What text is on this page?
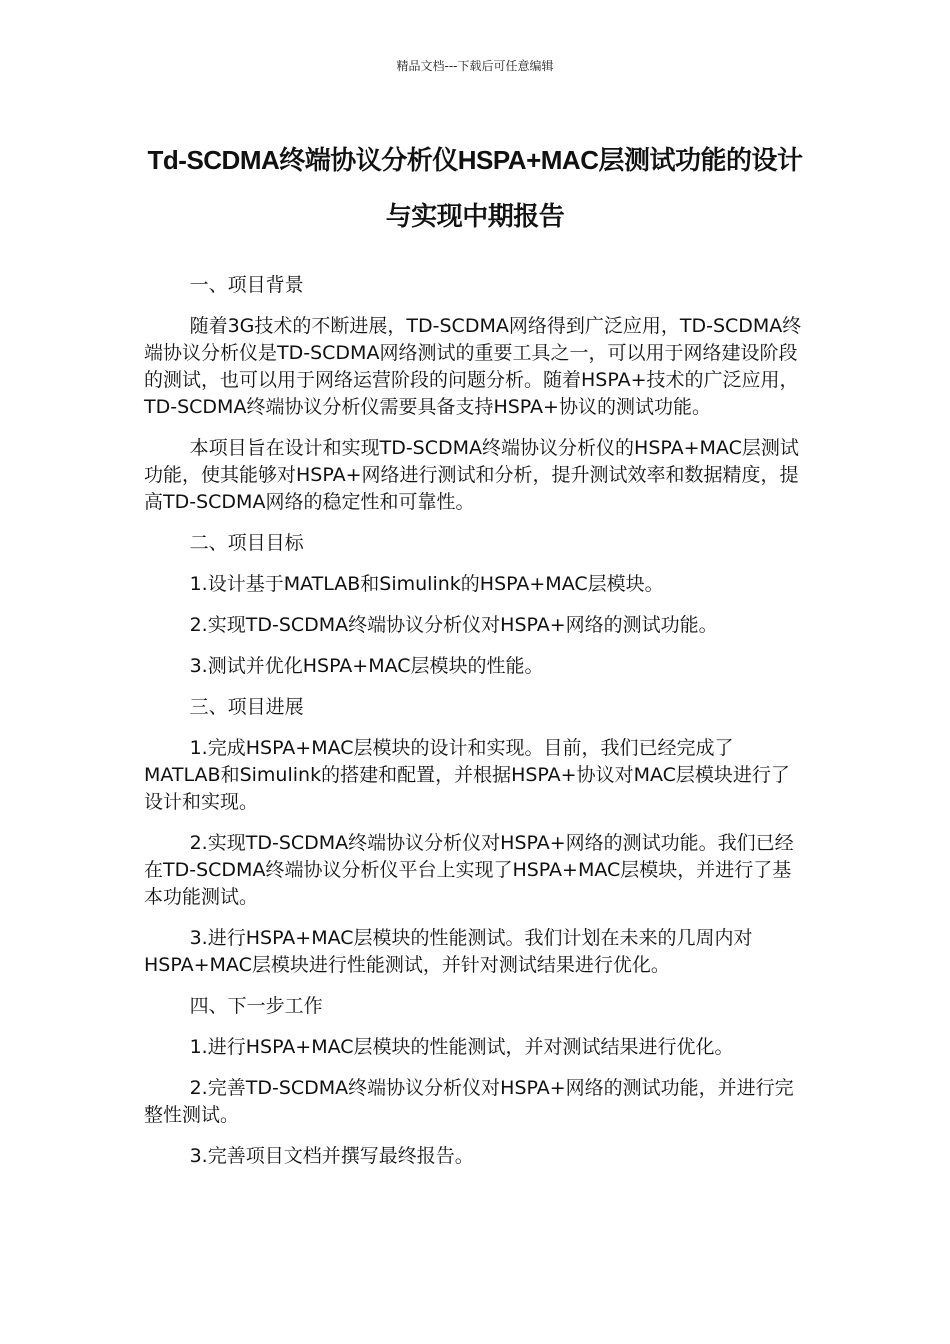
精品文档---下载后可任意编辑
Td-SCDMA终端协议分析仪HSPA+MAC层测试功能的设计与实现中期报告

一、项目背景

随着3G技术的不断进展，TD-SCDMA网络得到广泛应用，TD-SCDMA终端协议分析仪是TD-SCDMA网络测试的重要工具之一，可以用于网络建设阶段的测试，也可以用于网络运营阶段的问题分析。随着HSPA+技术的广泛应用，TD-SCDMA终端协议分析仪需要具备支持HSPA+协议的测试功能。

本项目旨在设计和实现TD-SCDMA终端协议分析仪的HSPA+MAC层测试功能，使其能够对HSPA+网络进行测试和分析，提升测试效率和数据精度，提高TD-SCDMA网络的稳定性和可靠性。

二、项目目标

1.设计基于MATLAB和Simulink的HSPA+MAC层模块。

2.实现TD-SCDMA终端协议分析仪对HSPA+网络的测试功能。

3.测试并优化HSPA+MAC层模块的性能。

三、项目进展

1.完成HSPA+MAC层模块的设计和实现。目前，我们已经完成了MATLAB和Simulink的搭建和配置，并根据HSPA+协议对MAC层模块进行了设计和实现。

2.实现TD-SCDMA终端协议分析仪对HSPA+网络的测试功能。我们已经在TD-SCDMA终端协议分析仪平台上实现了HSPA+MAC层模块，并进行了基本功能测试。

3.进行HSPA+MAC层模块的性能测试。我们计划在未来的几周内对HSPA+MAC层模块进行性能测试，并针对测试结果进行优化。

四、下一步工作

1.进行HSPA+MAC层模块的性能测试，并对测试结果进行优化。

2.完善TD-SCDMA终端协议分析仪对HSPA+网络的测试功能，并进行完整性测试。

3.完善项目文档并撰写最终报告。
